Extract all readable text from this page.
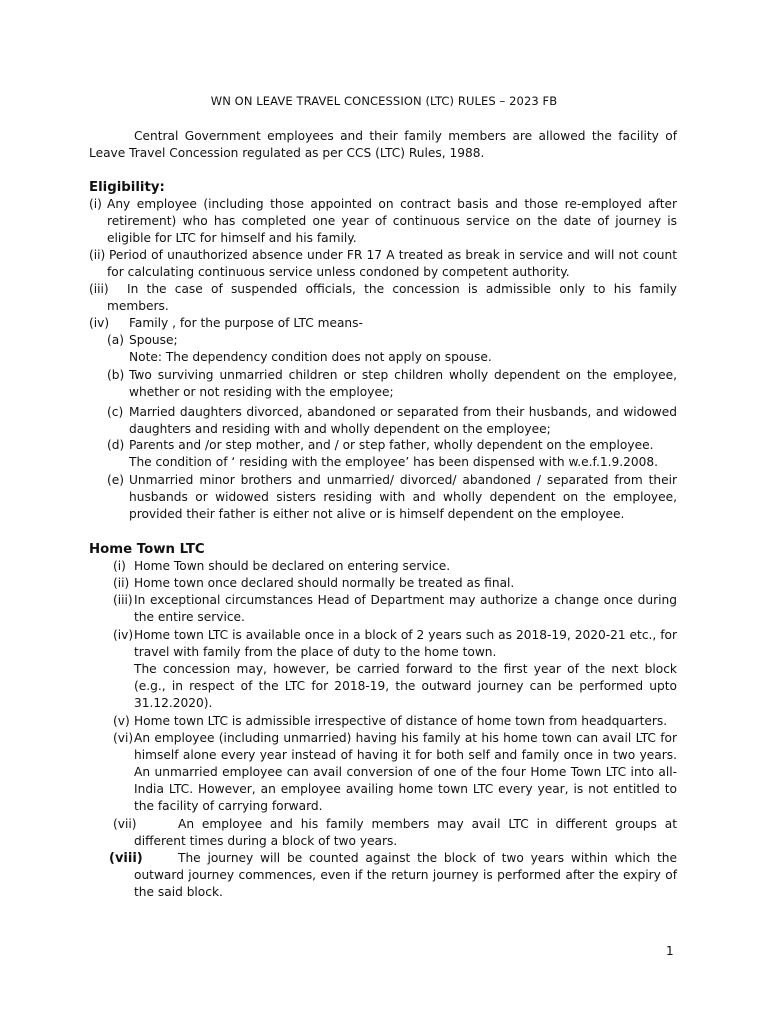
WN ON LEAVE TRAVEL CONCESSION (LTC) RULES – 2023 FB
Central Government employees and their family members are allowed the facility of Leave Travel Concession regulated as per CCS (LTC) Rules, 1988.
Eligibility:
(i) Any employee (including those appointed on contract basis and those re-employed after retirement) who has completed one year of continuous service on the date of journey is eligible for LTC for himself and his family.
(ii) Period of unauthorized absence under FR 17 A treated as break in service and will not count for calculating continuous service unless condoned by competent authority.
(iii) In the case of suspended officials, the concession is admissible only to his family members.
(iv) Family , for the purpose of LTC means-
(a) Spouse;
Note: The dependency condition does not apply on spouse.
(b) Two surviving unmarried children or step children wholly dependent on the employee, whether or not residing with the employee;
(c) Married daughters divorced, abandoned or separated from their husbands, and widowed daughters and residing with and wholly dependent on the employee;
(d) Parents and /or step mother, and / or step father, wholly dependent on the employee.
The condition of ‘ residing with the employee’ has been dispensed with w.e.f.1.9.2008.
(e) Unmarried minor brothers and unmarried/ divorced/ abandoned / separated from their husbands or widowed sisters residing with and wholly dependent on the employee, provided their father is either not alive or is himself dependent on the employee.
Home Town LTC
(i) Home Town should be declared on entering service.
(ii) Home town once declared should normally be treated as final.
(iii) In exceptional circumstances Head of Department may authorize a change once during the entire service.
(iv) Home town LTC is available once in a block of 2 years such as 2018-19, 2020-21 etc., for travel with family from the place of duty to the home town.
The concession may, however, be carried forward to the first year of the next block (e.g., in respect of the LTC for 2018-19, the outward journey can be performed upto 31.12.2020).
(v) Home town LTC is admissible irrespective of distance of home town from headquarters.
(vi) An employee (including unmarried) having his family at his home town can avail LTC for himself alone every year instead of having it for both self and family once in two years. An unmarried employee can avail conversion of one of the four Home Town LTC into all-India LTC. However, an employee availing home town LTC every year, is not entitled to the facility of carrying forward.
(vii)	An employee and his family members may avail LTC in different groups at different times during a block of two years.
(viii)	The journey will be counted against the block of two years within which the outward journey commences, even if the return journey is performed after the expiry of the said block.
1
